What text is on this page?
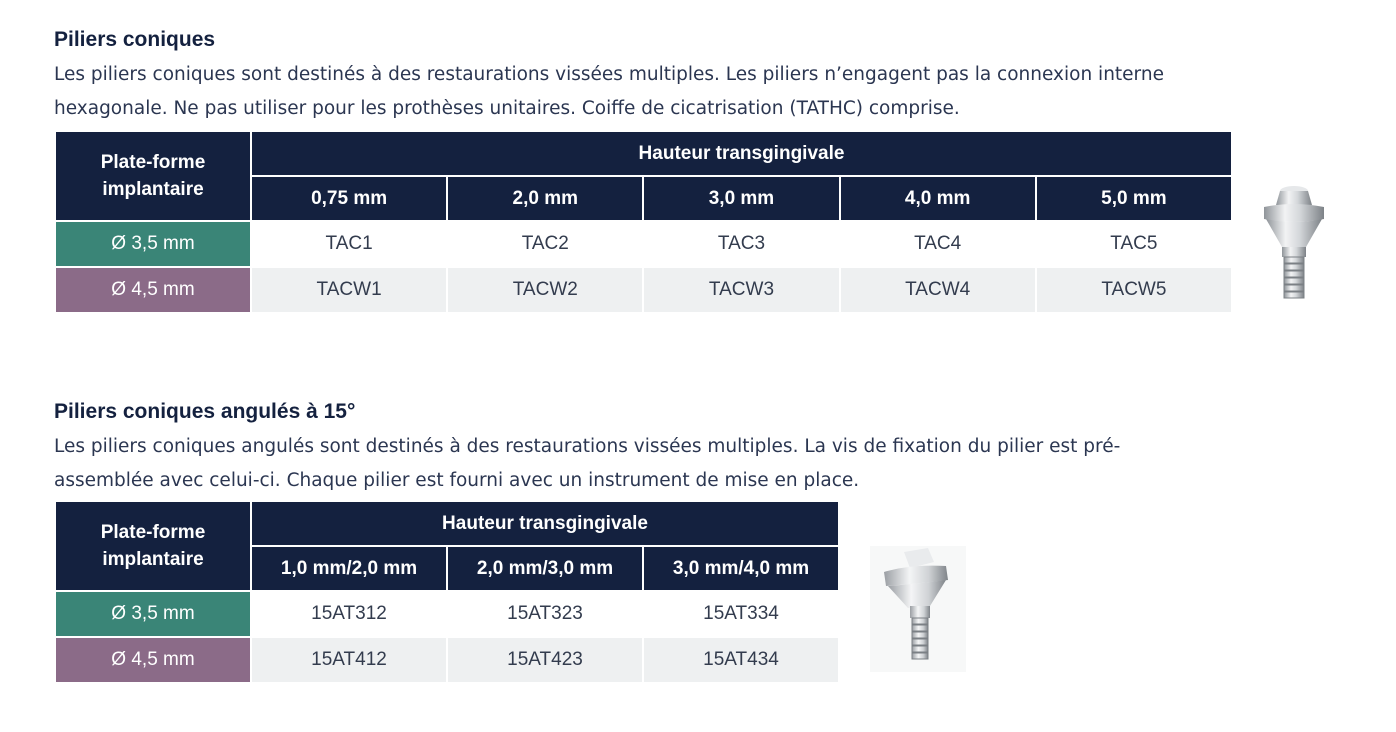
Piliers coniques

Les piliers coniques sont destinés à des restaurations vissées multiples. Les piliers n’engagent pas la connexion interne
hexagonale. Ne pas utiliser pour les prothèses unitaires. Coiffe de cicatrisation (TATHC) comprise.

Plate-forme
implantaire	Hauteur transgingivale				
	0,75 mm	2,0 mm	3,0 mm	4,0 mm	5,0 mm
Ø 3,5 mm	TAC1	TAC2	TAC3	TAC4	TAC5
Ø 4,5 mm	TACW1	TACW2	TACW3	TACW4	TACW5
Piliers coniques angulés à 15°

Les piliers coniques angulés sont destinés à des restaurations vissées multiples. La vis de fixation du pilier est pré-
assemblée avec celui-ci. Chaque pilier est fourni avec un instrument de mise en place.

Plate-forme
implantaire	Hauteur transgingivale		
	1,0 mm/2,0 mm	2,0 mm/3,0 mm	3,0 mm/4,0 mm
Ø 3,5 mm	15AT312	15AT323	15AT334
Ø 4,5 mm	15AT412	15AT423	15AT434
